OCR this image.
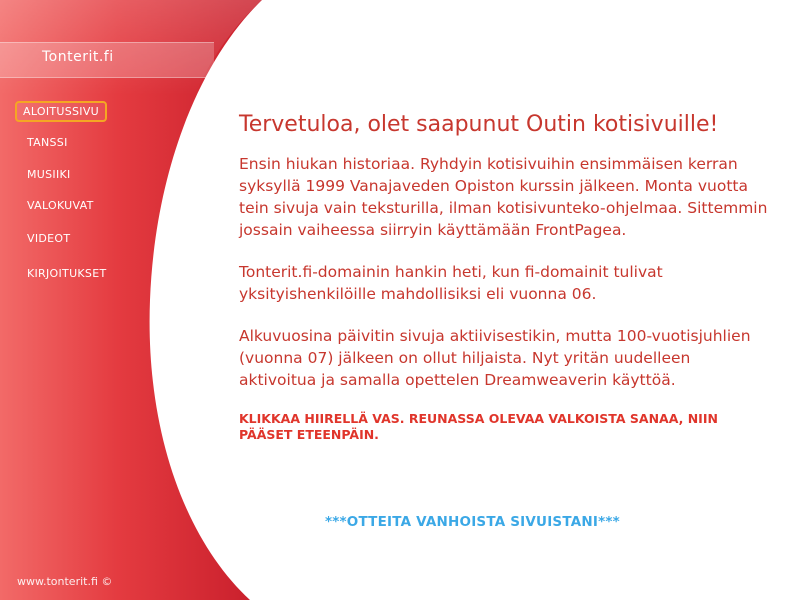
Tonterit.fi
ALOITUSSIVU
TANSSI
MUSIIKI
VALOKUVAT
VIDEOT
KIRJOITUKSET
www.tonterit.fi ©
Tervetuloa, olet saapunut Outin kotisivuille!

Ensin hiukan historiaa. Ryhdyin kotisivuihin ensimmäisen kerran syksyllä 1999 Vanajaveden Opiston kurssin jälkeen. Monta vuotta tein sivuja vain teksturilla, ilman kotisivunteko-ohjelmaa. Sittemmin jossain vaiheessa siirryin käyttämään FrontPagea.

Tonterit.fi-domainin hankin heti, kun fi-domainit tulivat yksityishenkilöille mahdollisiksi eli vuonna 06.

Alkuvuosina päivitin sivuja aktiivisestikin, mutta 100-vuotisjuhlien (vuonna 07) jälkeen on ollut hiljaista. Nyt yritän uudelleen aktivoitua ja samalla opettelen Dreamweaverin käyttöä.

KLIKKAA HIIRELLÄ VAS. REUNASSA OLEVAA VALKOISTA SANAA, NIIN PÄÄSET ETEENPÄIN.

***OTTEITA VANHOISTA SIVUISTANI***
